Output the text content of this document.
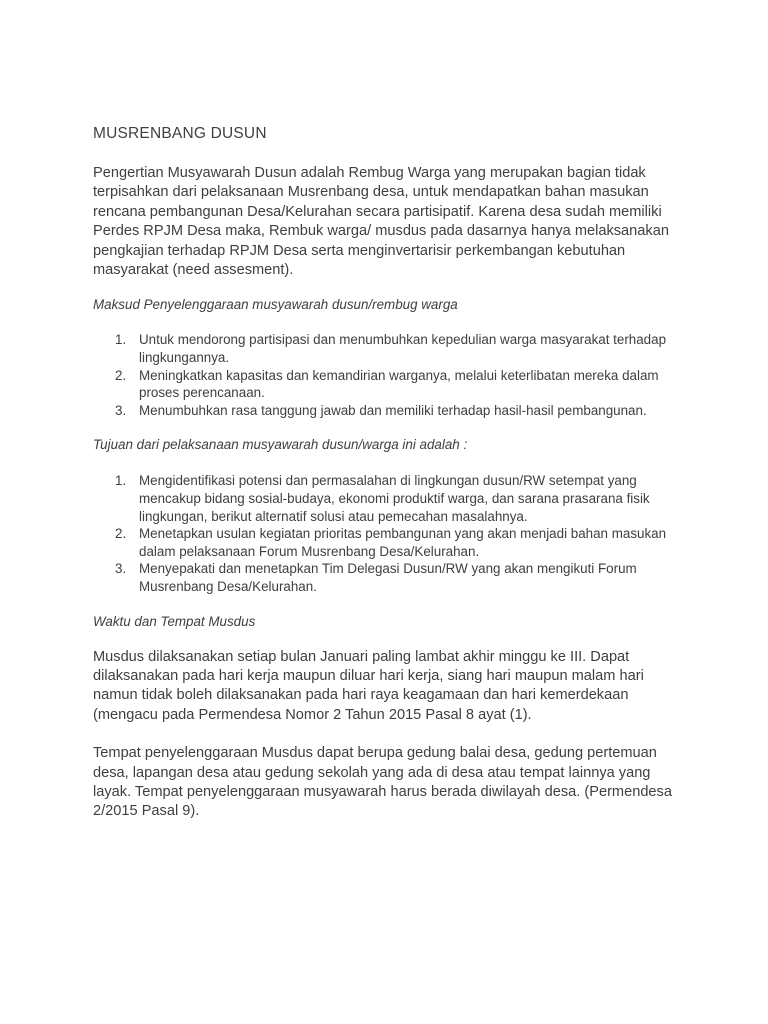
MUSRENBANG DUSUN

Pengertian Musyawarah Dusun adalah Rembug Warga yang merupakan bagian tidak terpisahkan dari pelaksanaan Musrenbang desa, untuk mendapatkan bahan masukan rencana pembangunan Desa/Kelurahan secara partisipatif. Karena desa sudah memiliki Perdes RPJM Desa maka, Rembuk warga/ musdus pada dasarnya hanya melaksanakan pengkajian terhadap RPJM Desa serta menginvertarisir perkembangan kebutuhan masyarakat (need assesment).

Maksud Penyelenggaraan musyawarah dusun/rembug warga

1. Untuk mendorong partisipasi dan menumbuhkan kepedulian warga masyarakat terhadap lingkungannya.
2. Meningkatkan kapasitas dan kemandirian warganya, melalui keterlibatan mereka dalam proses perencanaan.
3. Menumbuhkan rasa tanggung jawab dan memiliki terhadap hasil-hasil pembangunan.

Tujuan dari pelaksanaan musyawarah dusun/warga ini adalah :

1. Mengidentifikasi potensi dan permasalahan di lingkungan dusun/RW setempat yang mencakup bidang sosial-budaya, ekonomi produktif warga, dan sarana prasarana fisik lingkungan, berikut alternatif solusi atau pemecahan masalahnya.
2. Menetapkan usulan kegiatan prioritas pembangunan yang akan menjadi bahan masukan dalam pelaksanaan Forum Musrenbang Desa/Kelurahan.
3. Menyepakati dan menetapkan Tim Delegasi Dusun/RW yang akan mengikuti Forum Musrenbang Desa/Kelurahan.

Waktu dan Tempat Musdus

Musdus dilaksanakan setiap bulan Januari paling lambat akhir minggu ke III. Dapat dilaksanakan pada hari kerja maupun diluar hari kerja, siang hari maupun malam hari namun tidak boleh dilaksanakan pada hari raya keagamaan dan hari kemerdekaan (mengacu pada Permendesa Nomor 2 Tahun 2015 Pasal 8 ayat (1).

Tempat penyelenggaraan Musdus dapat berupa gedung balai desa, gedung pertemuan desa, lapangan desa atau gedung sekolah yang ada di desa atau tempat lainnya yang layak. Tempat penyelenggaraan musyawarah harus berada diwilayah desa. (Permendesa 2/2015 Pasal 9).
